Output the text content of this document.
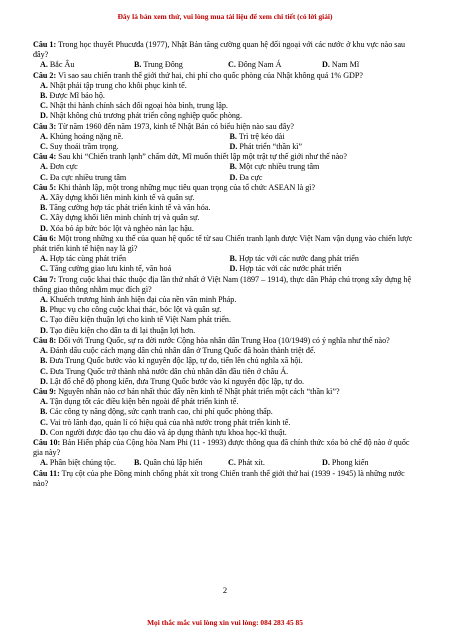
Đây là bản xem thử, vui lòng mua tài liệu để xem chi tiết (có lời giải)
Câu 1: Trong học thuyết Phucưđa (1977), Nhật Bản tăng cường quan hệ đối ngoại với các nước ở khu vực nào sau đây?
A. Bắc Âu	B. Trung Đông	C. Đông Nam Á	D. Nam Mĩ
Câu 2: Vì sao sau chiến tranh thế giới thứ hai, chi phí cho quốc phòng của Nhật không quá 1% GDP?
A. Nhật phải tập trung cho khôi phục kinh tế.
B. Được Mĩ bảo hộ.
C. Nhật thi hành chính sách đối ngoại hòa bình, trung lập.
D. Nhật không chủ trương phát triển công nghiệp quốc phòng.
Câu 3: Từ năm 1960 đến năm 1973, kinh tế Nhật Bản có biểu hiện nào sau đây?
A. Khủng hoảng nặng nề.	B. Trì trệ kéo dài
C. Suy thoái trầm trọng.	D. Phát triển “thần kì”
Câu 4: Sau khi “Chiến tranh lạnh” chấm dứt, Mĩ muốn thiết lập một trật tự thế giới như thế nào?
A. Đơn cực	B. Một cực nhiều trung tâm
C. Đa cực nhiều trung tâm	D. Đa cực
Câu 5: Khi thành lập, một trong những mục tiêu quan trọng của tổ chức ASEAN là gì?
A. Xây dựng khối liên minh kinh tế và quân sự.
B. Tăng cường hợp tác phát triển kinh tế và văn hóa.
C. Xây dựng khối liên minh chính trị và quân sự.
D. Xóa bỏ áp bức bóc lột và nghèo nàn lạc hậu.
Câu 6: Một trong những xu thế của quan hệ quốc tế từ sau Chiến tranh lạnh được Việt Nam vận dụng vào chiến lược phát triển kinh tế hiện nay là gì?
A. Hợp tác cùng phát triển	B. Hợp tác với các nước đang phát triển
C. Tăng cường giao lưu kinh tế, văn hoá	D. Hợp tác với các nước phát triển
Câu 7: Trong cuộc khai thác thuộc địa lần thứ nhất ở Việt Nam (1897 – 1914), thực dân Pháp chú trọng xây dựng hệ thống giao thông nhằm mục đích gì?
A. Khuếch trương hình ảnh hiện đại của nền văn minh Pháp.
B. Phục vụ cho công cuộc khai thác, bóc lột và quân sự.
C. Tạo điều kiện thuận lợi cho kinh tế Việt Nam phát triển.
D. Tạo điều kiện cho dân ta đi lại thuận lợi hơn.
Câu 8: Đối với Trung Quốc, sự ra đời nước Cộng hòa nhân dân Trung Hoa (10/1949) có ý nghĩa như thế nào?
A. Đánh dấu cuộc cách mạng dân chủ nhân dân ở Trung Quốc đã hoàn thành triệt để.
B. Đưa Trung Quốc bước vào kỉ nguyên độc lập, tự do, tiến lên chủ nghĩa xã hội.
C. Đưa Trung Quốc trở thành nhà nước dân chủ nhân dân đầu tiên ở châu Á.
D. Lật đổ chế độ phong kiến, đưa Trung Quốc bước vào kỉ nguyên độc lập, tự do.
Câu 9: Nguyên nhân nào cơ bản nhất thúc đẩy nền kinh tế Nhật phát triển một cách “thần kì”?
A. Tận dụng tốt các điều kiện bên ngoài để phát triển kinh tế.
B. Các công ty năng động, sức cạnh tranh cao, chi phí quốc phòng thấp.
C. Vai trò lãnh đạo, quản lí có hiệu quả của nhà nước trong phát triển kinh tế.
D. Con người được đào tạo chu đáo và áp dụng thành tựu khoa học-kĩ thuật.
Câu 10: Bản Hiến pháp của Cộng hòa Nam Phi (11 - 1993) được thông qua đã chính thức xóa bỏ chế độ nào ở quốc gia này?
A. Phân biệt chủng tộc.	B. Quân chủ lập hiến	C. Phát xít.	D. Phong kiến
Câu 11: Trụ cột của phe Đồng minh chống phát xít trong Chiến tranh thế giới thứ hai (1939 - 1945) là những nước nào?
2
Mọi thắc mắc vui lòng xin vui lòng: 084 283 45 85
